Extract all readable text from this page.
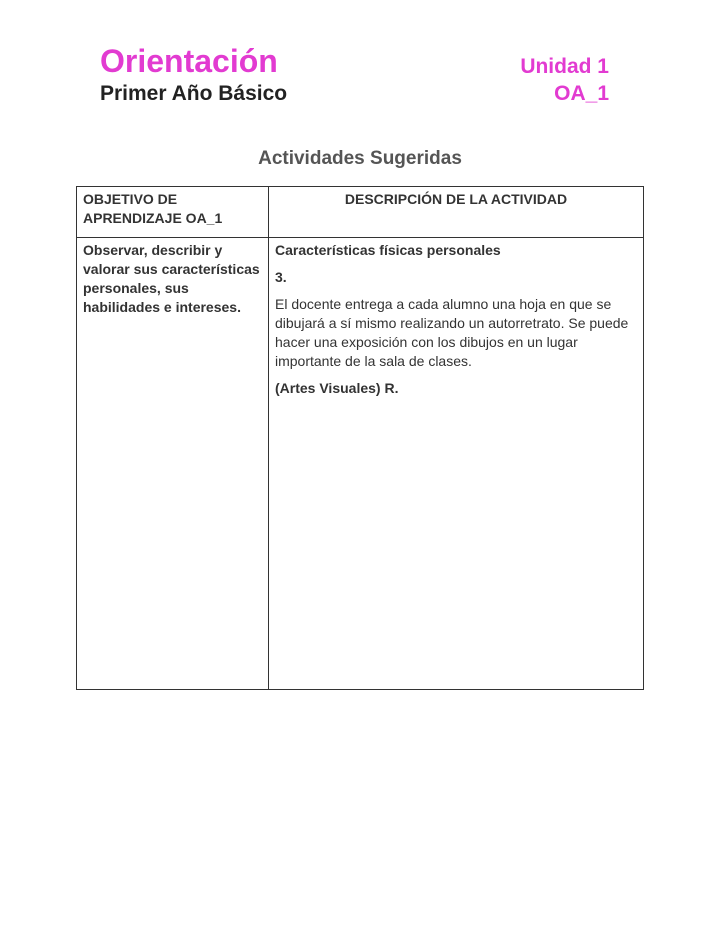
Orientación
Primer Año Básico
Unidad 1
OA_1
Actividades Sugeridas
OBJETIVO DE APRENDIZAJE OA_1	DESCRIPCIÓN DE LA ACTIVIDAD

Observar, describir y valorar sus características personales, sus habilidades e intereses.	Características físicas personales

3.

El docente entrega a cada alumno una hoja en que se dibujará a sí mismo realizando un autorretrato. Se puede hacer una exposición con los dibujos en un lugar importante de la sala de clases.

(Artes Visuales) R.
